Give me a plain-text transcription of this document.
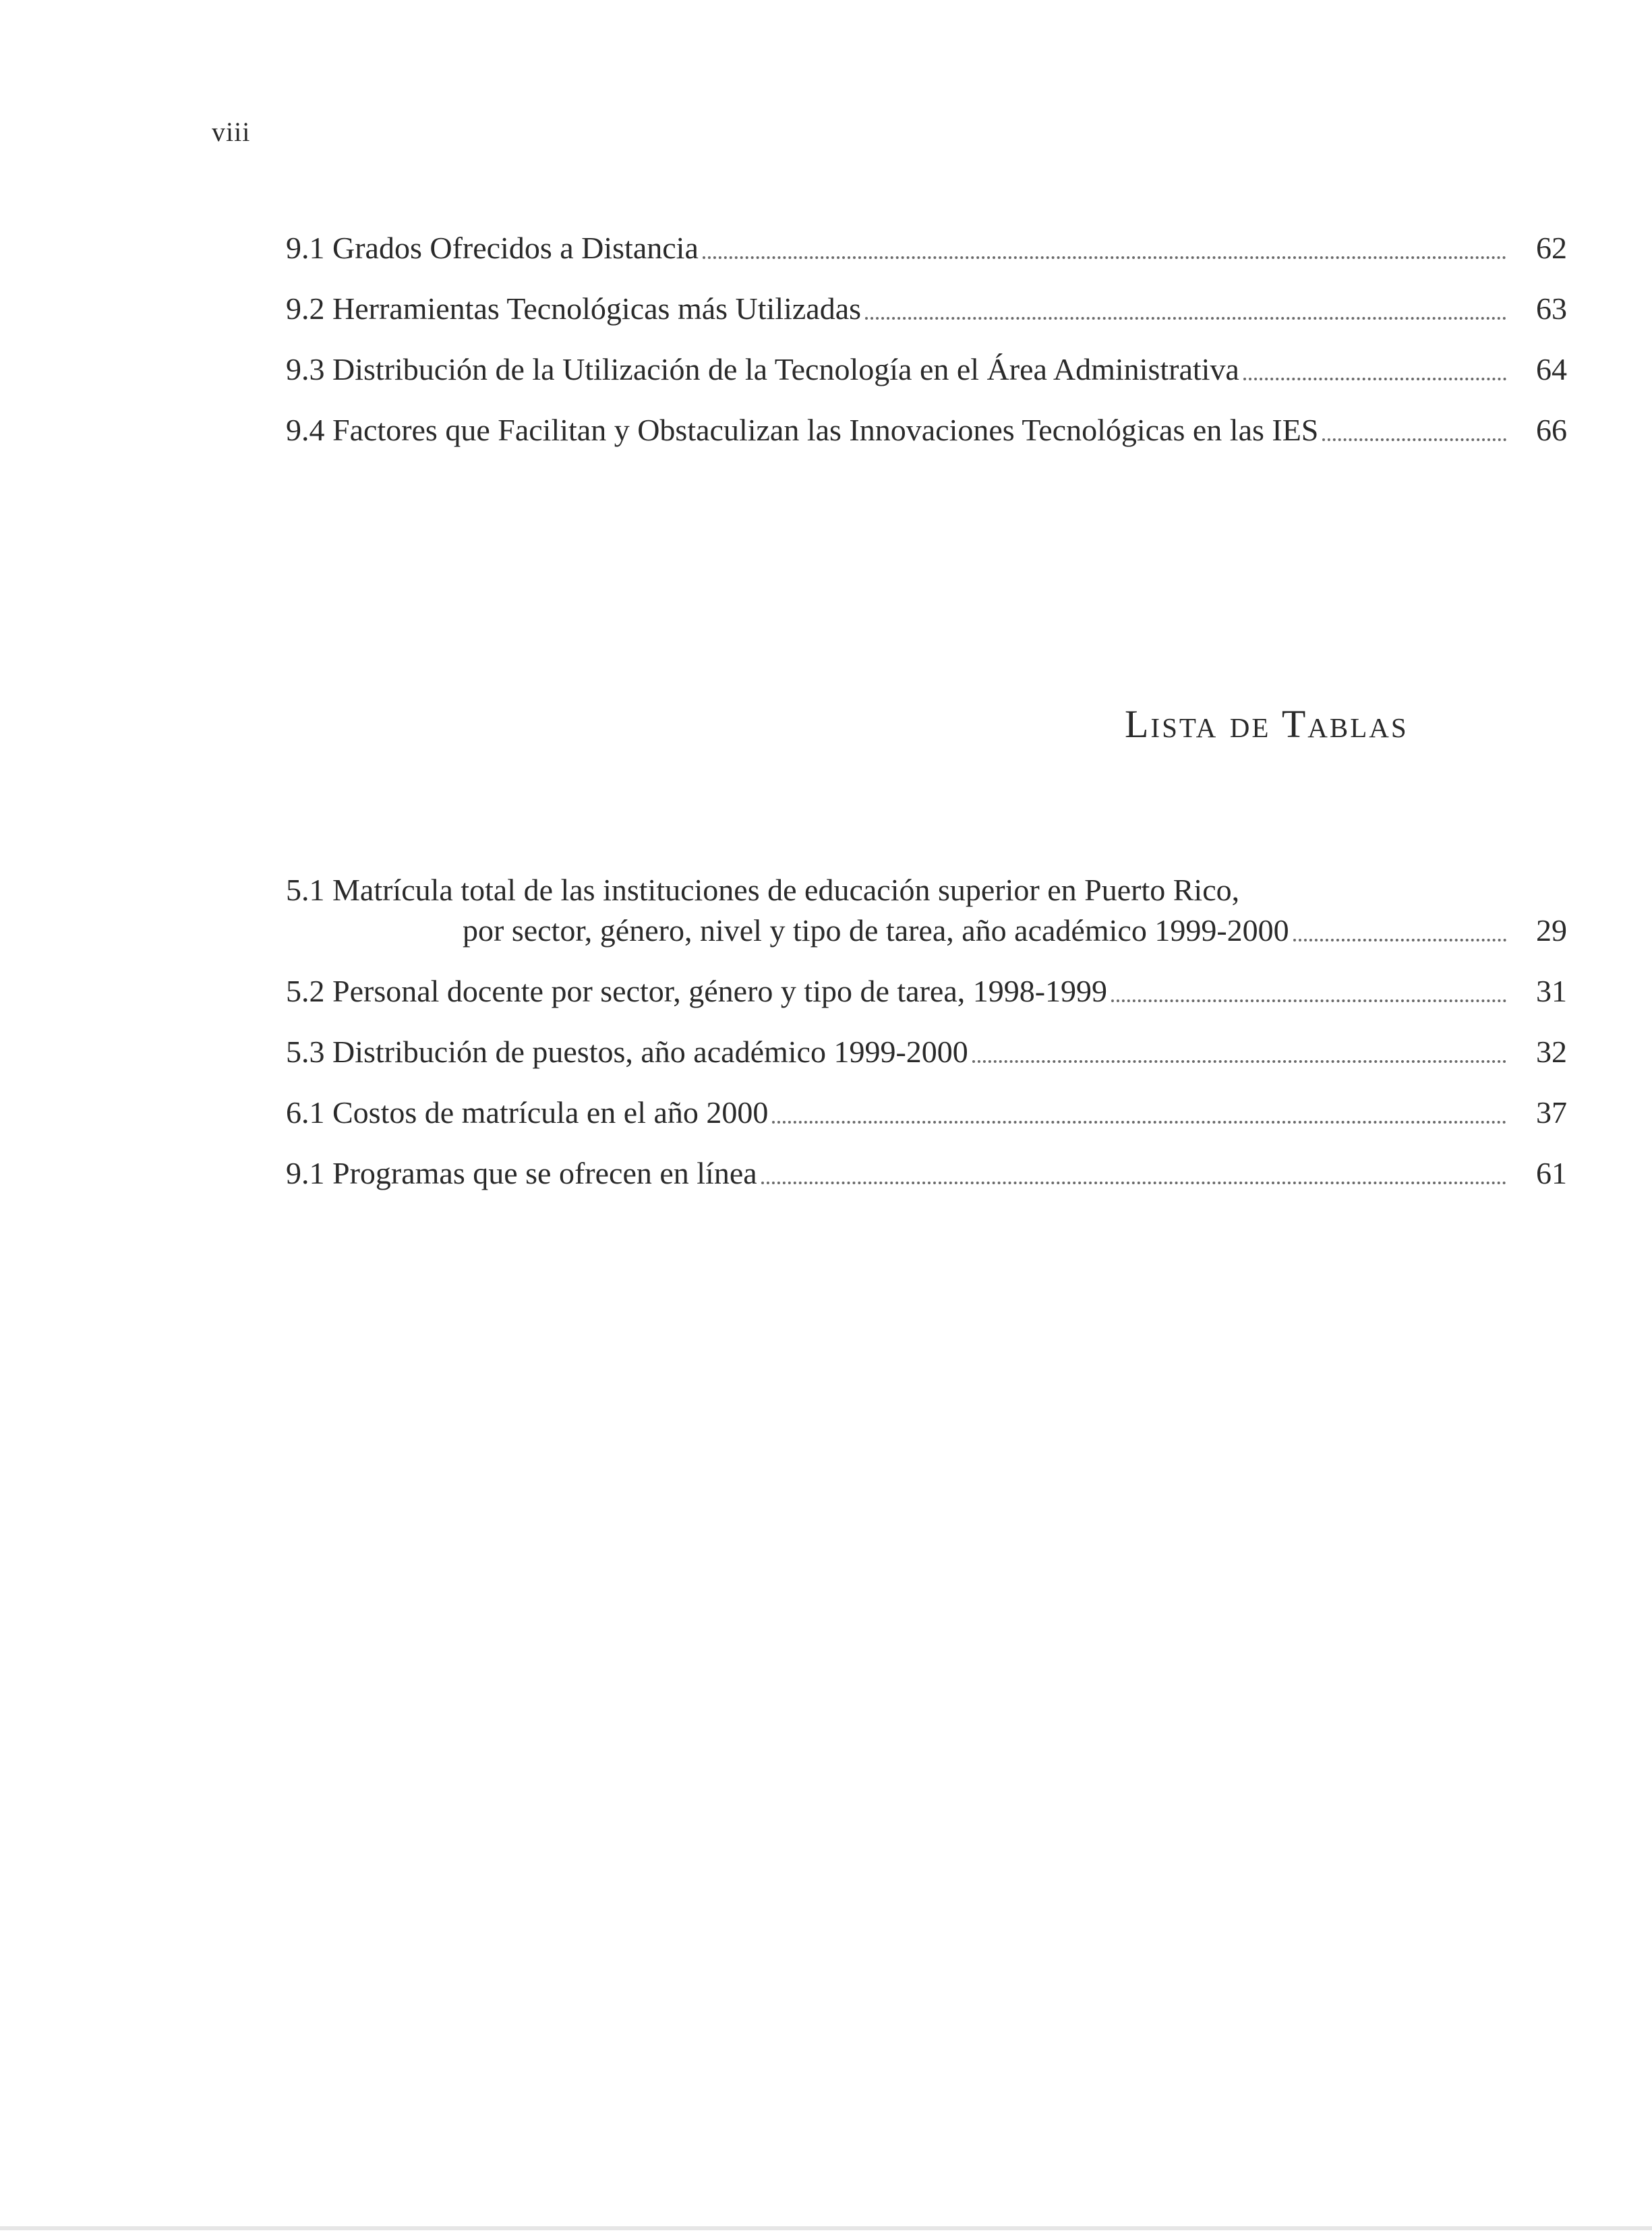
viii
9.1 Grados Ofrecidos a Distancia	62
9.2 Herramientas Tecnológicas más Utilizadas	63
9.3 Distribución de la Utilización de la Tecnología en el Área Administrativa	64
9.4 Factores que Facilitan y Obstaculizan las Innovaciones Tecnológicas en las IES	66
Lista de Tablas
5.1 Matrícula total de las instituciones de educación superior en Puerto Rico,
por sector, género, nivel y tipo de tarea, año académico 1999-2000	29
5.2 Personal docente por sector, género y tipo de tarea, 1998-1999	31
5.3 Distribución de puestos, año académico 1999-2000	32
6.1 Costos de matrícula en el año 2000	37
9.1 Programas que se ofrecen en línea	61
